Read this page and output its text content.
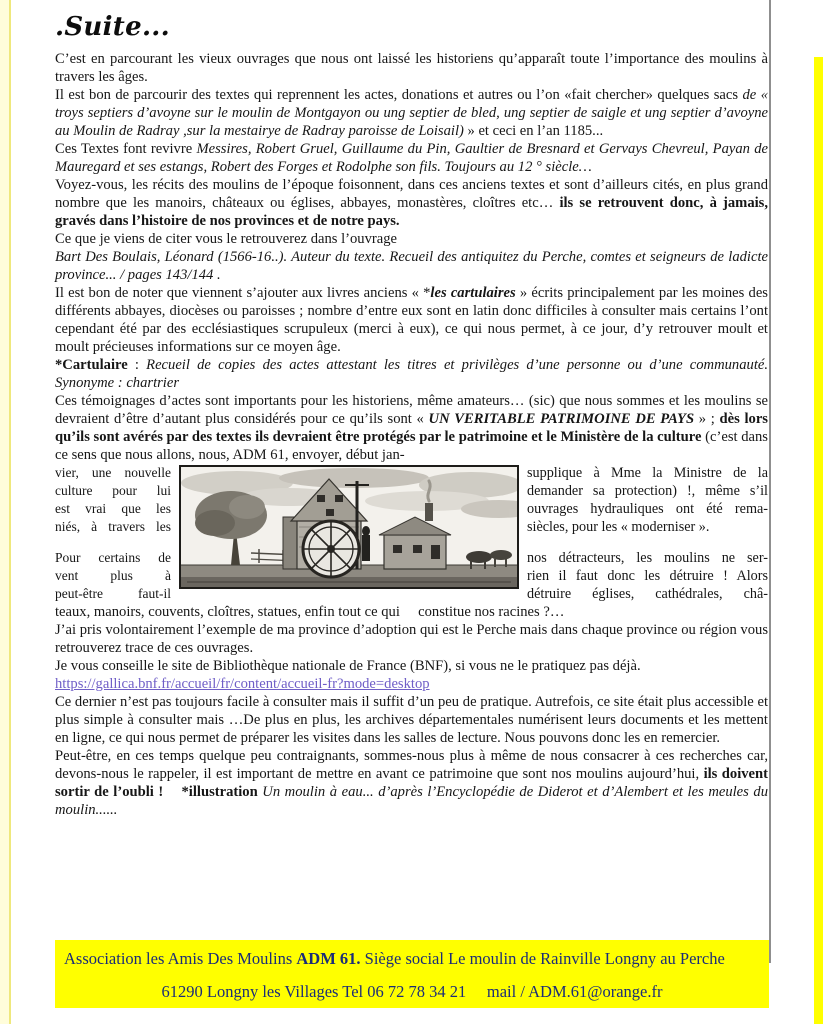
.Suite...

C’est en parcourant les vieux ouvrages que nous ont laissé les historiens qu’apparaît toute l’importance des moulins à travers les âges.

Il est bon de parcourir des textes qui reprennent les actes, donations et autres ou l’on «fait chercher» quelques sacs de « troys septiers d’avoyne sur le moulin de Montgayon ou ung septier de bled, ung septier de saigle et ung septier d’avoyne au Moulin de Radray ,sur la mestairye de Radray paroisse de Loisail) » et ceci en l’an 1185...

Ces Textes font revivre Messires, Robert Gruel, Guillaume du Pin, Gaultier de Bresnard et Gervays Chevreul, Payan de Mauregard et ses estangs, Robert des Forges et Rodolphe son fils. Toujours au 12 ° siècle…

Voyez-vous, les récits des moulins de l’époque foisonnent, dans ces anciens textes et sont d’ailleurs cités, en plus grand nombre que les manoirs, châteaux ou églises, abbayes, monastères, cloîtres etc… ils se retrouvent donc, à jamais, gravés dans l’histoire de nos provinces et de notre pays.

Ce que je viens de citer vous le retrouverez dans l’ouvrage

Bart Des Boulais, Léonard (1566-16..). Auteur du texte. Recueil des antiquitez du Perche, comtes et seigneurs de ladicte province... / pages 143/144 .

Il est bon de noter que viennent s’ajouter aux livres anciens « *les cartulaires » écrits principalement par les moines des différents abbayes, diocèses ou paroisses ; nombre d’entre eux sont en latin donc difficiles à consulter mais certains l’ont cependant été par des ecclésiastiques scrupuleux (merci à eux), ce qui nous permet, à ce jour, d’y retrouver moult et moult précieuses informations sur ce moyen âge.

*Cartulaire : Recueil de copies des actes attestant les titres et privilèges d’une personne ou d’une communauté. Synonyme : chartrier

Ces témoignages d’actes sont importants pour les historiens, même amateurs… (sic) que nous sommes et les moulins se devraient d’être d’autant plus considérés pour ce qu’ils sont « UN VERITABLE PATRIMOINE DE PAYS » ; dès lors qu’ils sont avérés par des textes ils devraient être protégés par le patrimoine et le Ministère de la culture (c’est dans ce sens que nous allons, nous, ADM 61, envoyer, début jan-

vier, une nouvelle
culture pour lui
est vrai que les
niés, à travers les
Pour certains de
vent plus à
peut-être faut-il
supplique à Mme la Ministre de la
demander sa protection) !, même s’il
ouvrages hydrauliques ont été rema-
siècles, pour les « moderniser ».
nos détracteurs, les moulins ne ser-
rien il faut donc les détruire ! Alors
détruire églises, cathédrales, châ-

teaux, manoirs, couvents, cloîtres, statues, enfin tout ce qui     constitue nos racines ?…

J’ai pris volontairement l’exemple de ma province d’adoption qui est le Perche mais dans chaque province ou région vous retrouverez trace de ces ouvrages.

Je vous conseille le site de Bibliothèque nationale de France (BNF), si vous ne le pratiquez pas déjà.

https://gallica.bnf.fr/accueil/fr/content/accueil-fr?mode=desktop

Ce dernier n’est pas toujours facile à consulter mais il suffit d’un peu de pratique. Autrefois, ce site était plus accessible et plus simple à consulter mais …De plus en plus, les archives départementales numérisent leurs documents et les mettent en ligne, ce qui nous permet de préparer les visites dans les salles de lecture. Nous pouvons donc les en remercier.

Peut-être, en ces temps quelque peu contraignants, sommes-nous plus à même de nous consacrer à ces recherches car, devons-nous le rappeler, il est important de mettre en avant ce patrimoine que sont nos moulins aujourd’hui, ils doivent sortir de l’oubli !    *illustration Un moulin à eau... d’après l’Encyclopédie de Diderot et d’Alembert et les meules du moulin......

Association les Amis Des Moulins ADM 61. Siège social Le moulin de Rainville Longny au Perche
61290 Longny les Villages Tel 06 72 78 34 21     mail / ADM.61@orange.fr
